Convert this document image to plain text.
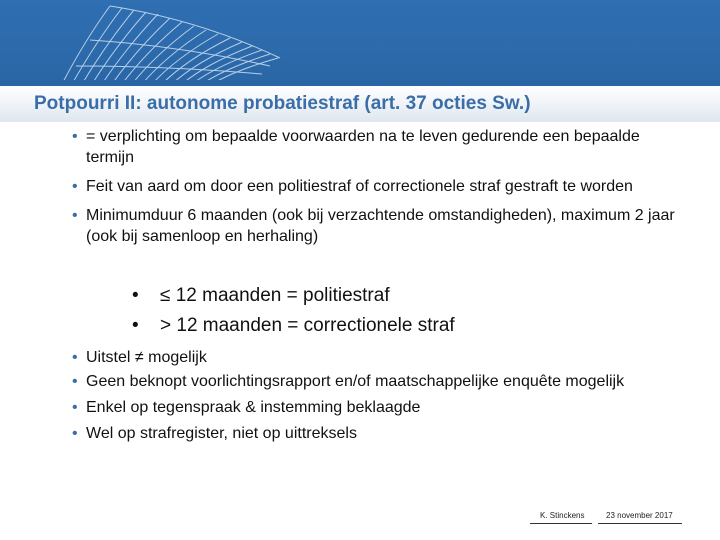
Potpourri II: autonome probatiestraf (art. 37 octies Sw.)
• = verplichting om bepaalde voorwaarden na te leven gedurende een bepaalde termijn
• Feit van aard om door een politiestraf of correctionele straf gestraft te worden
• Minimumduur 6 maanden (ook bij verzachtende omstandigheden), maximum 2 jaar (ook bij samenloop en herhaling)
• ≤ 12 maanden = politiestraf
• > 12 maanden = correctionele straf
• Uitstel ≠ mogelijk
• Geen beknopt voorlichtingsrapport en/of maatschappelijke enquête mogelijk
• Enkel op tegenspraak & instemming beklaagde
• Wel op strafregister, niet op uittreksels
K. Stinckens	23 november 2017
